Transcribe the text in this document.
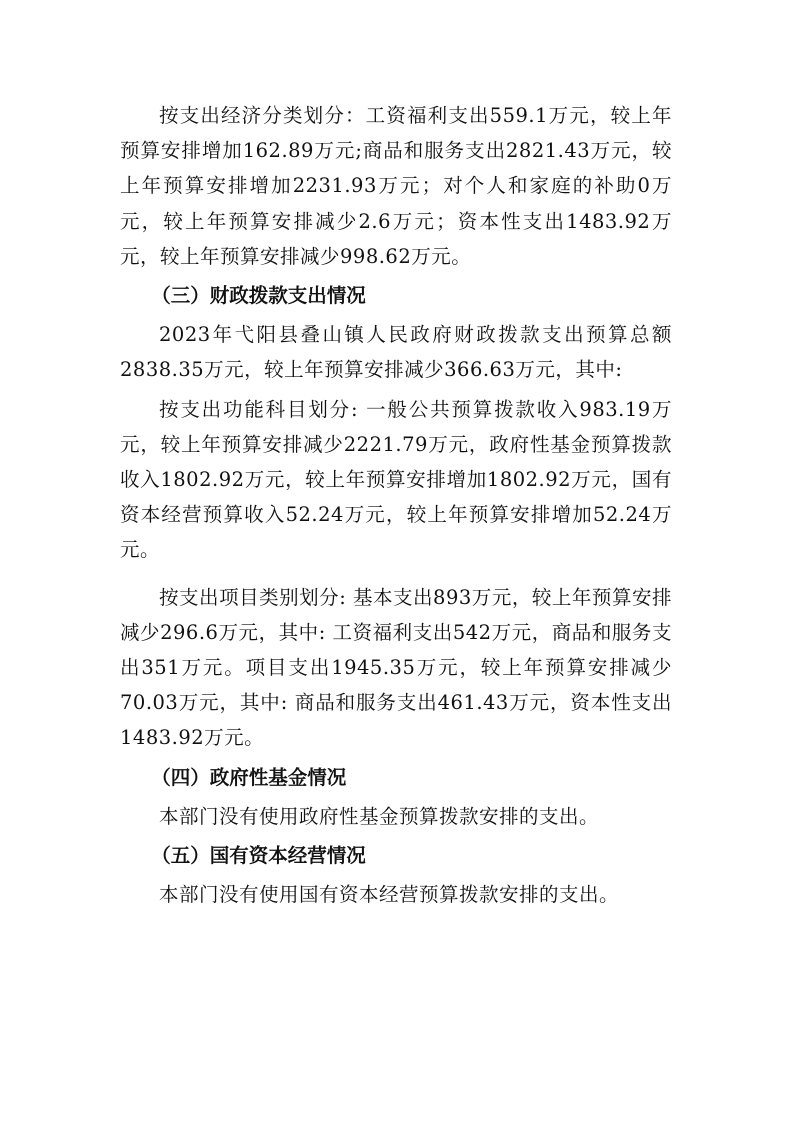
按支出经济分类划分：工资福利支出559.1万元，较上年预算安排增加162.89万元;商品和服务支出2821.43万元，较上年预算安排增加2231.93万元；对个人和家庭的补助0万元，较上年预算安排减少2.6万元；资本性支出1483.92万元，较上年预算安排减少998.62万元。

（三）财政拨款支出情况

2023年弋阳县叠山镇人民政府财政拨款支出预算总额2838.35万元，较上年预算安排减少366.63万元，其中:

按支出功能科目划分: 一般公共预算拨款收入983.19万元，较上年预算安排减少2221.79万元，政府性基金预算拨款收入1802.92万元，较上年预算安排增加1802.92万元，国有资本经营预算收入52.24万元，较上年预算安排增加52.24万元。

按支出项目类别划分: 基本支出893万元，较上年预算安排减少296.6万元，其中: 工资福利支出542万元，商品和服务支出351万元。项目支出1945.35万元，较上年预算安排减少70.03万元，其中: 商品和服务支出461.43万元，资本性支出1483.92万元。

（四）政府性基金情况

本部门没有使用政府性基金预算拨款安排的支出。

（五）国有资本经营情况

本部门没有使用国有资本经营预算拨款安排的支出。
